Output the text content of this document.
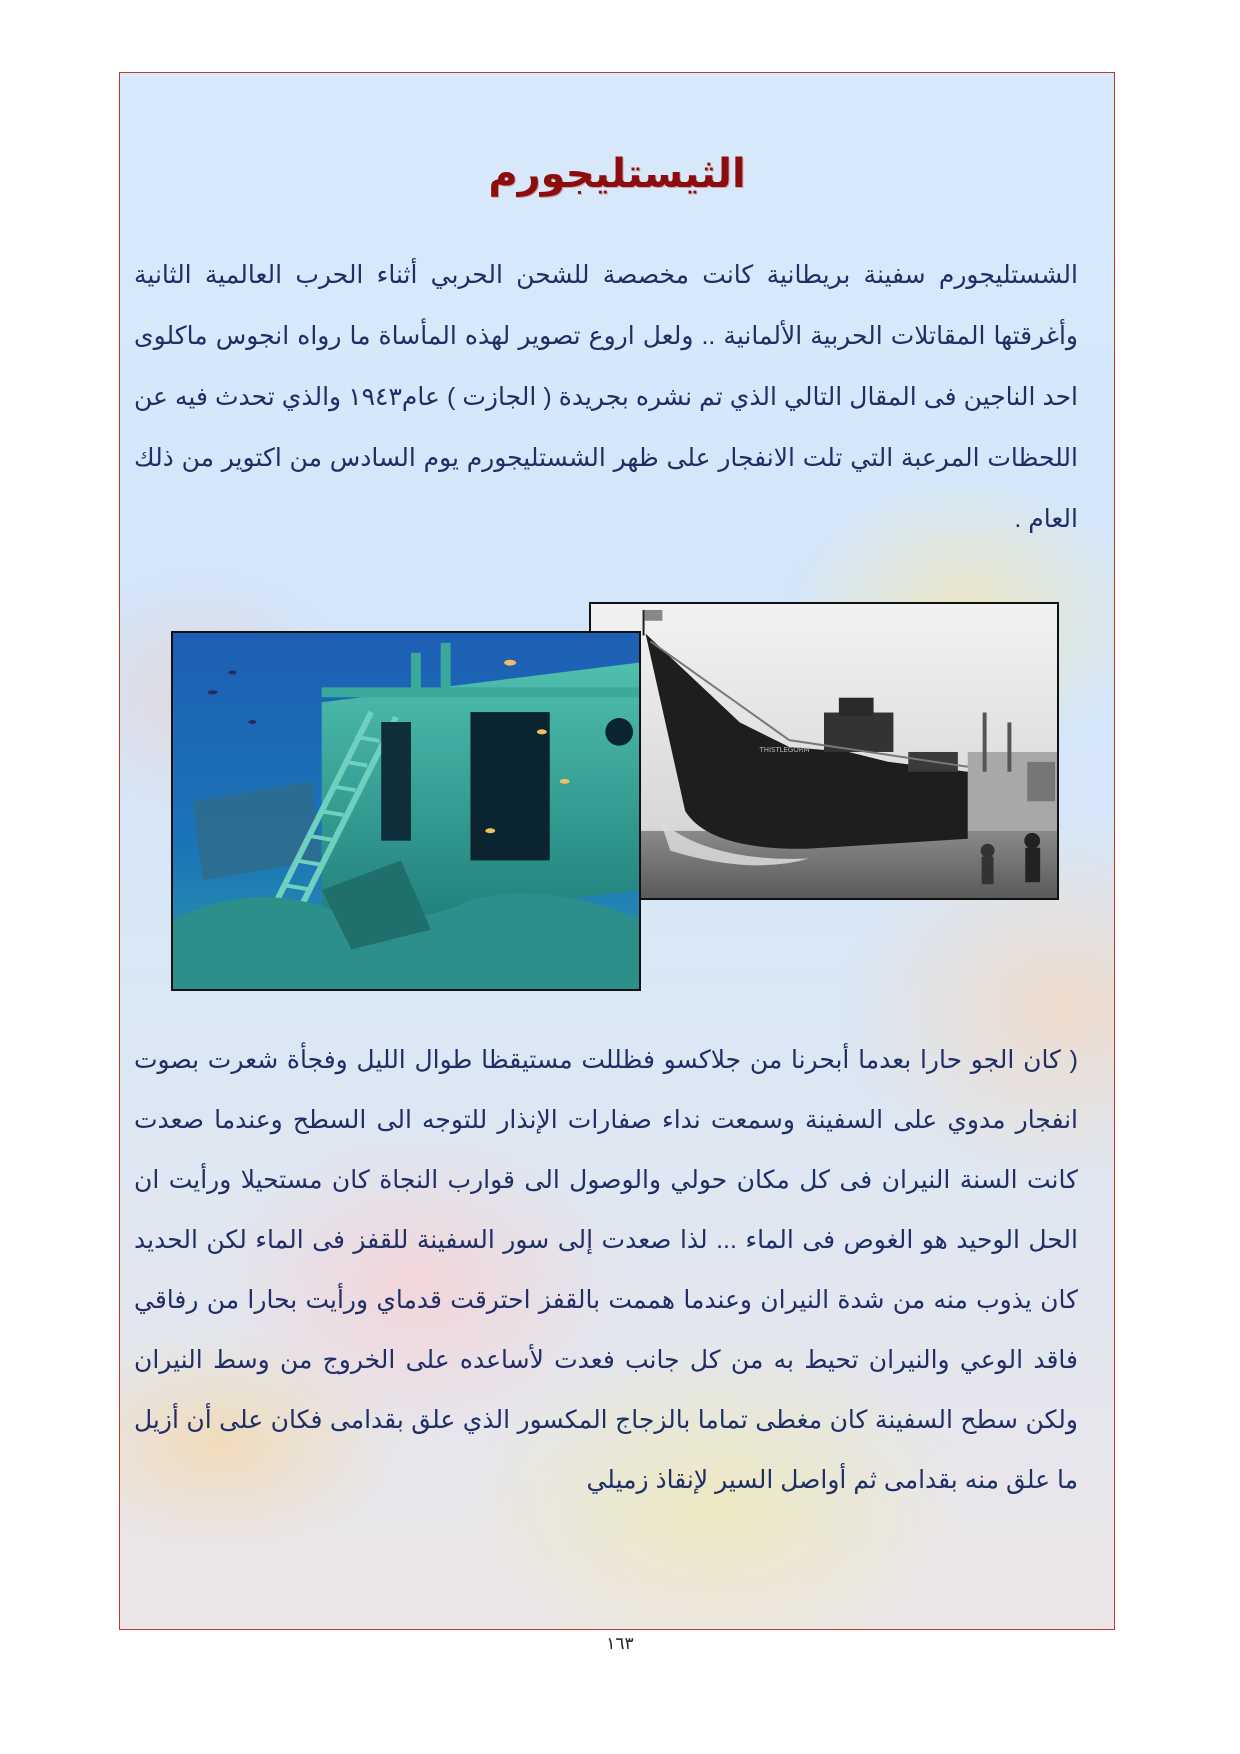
الثيستليجورم

الشستليجورم سفينة بريطانية كانت مخصصة للشحن الحربي أثناء الحرب العالمية الثانية وأغرقتها المقاتلات الحربية الألمانية .. ولعل اروع تصوير لهذه المأساة ما رواه انجوس ماكلوى احد الناجين فى المقال التالي الذي تم نشره بجريدة ( الجازت ) عام١٩٤٣ والذي تحدث فيه عن اللحظات المرعبة التي تلت الانفجار على ظهر الشستليجورم يوم السادس من اكتوير من ذلك العام .

THISTLEGORM

( كان الجو حارا بعدما أبحرنا من جلاكسو فظللت مستيقظا طوال الليل وفجأة شعرت بصوت انفجار مدوي على السفينة وسمعت نداء صفارات الإنذار للتوجه الى السطح وعندما صعدت كانت السنة النيران فى كل مكان حولي والوصول الى قوارب النجاة كان مستحيلا ورأيت ان الحل الوحيد هو الغوص فى الماء ... لذا صعدت إلى سور السفينة للقفز فى الماء لكن الحديد كان يذوب منه من شدة النيران وعندما هممت بالقفز احترقت قدماي ورأيت بحارا من رفاقي فاقد الوعي والنيران تحيط به من كل جانب فعدت لأساعده على الخروج من وسط النيران ولكن سطح السفينة كان مغطى تماما بالزجاج المكسور الذي علق بقدامى فكان على أن أزيل ما علق منه بقدامى ثم أواصل السير لإنقاذ زميلي

١٦٣
